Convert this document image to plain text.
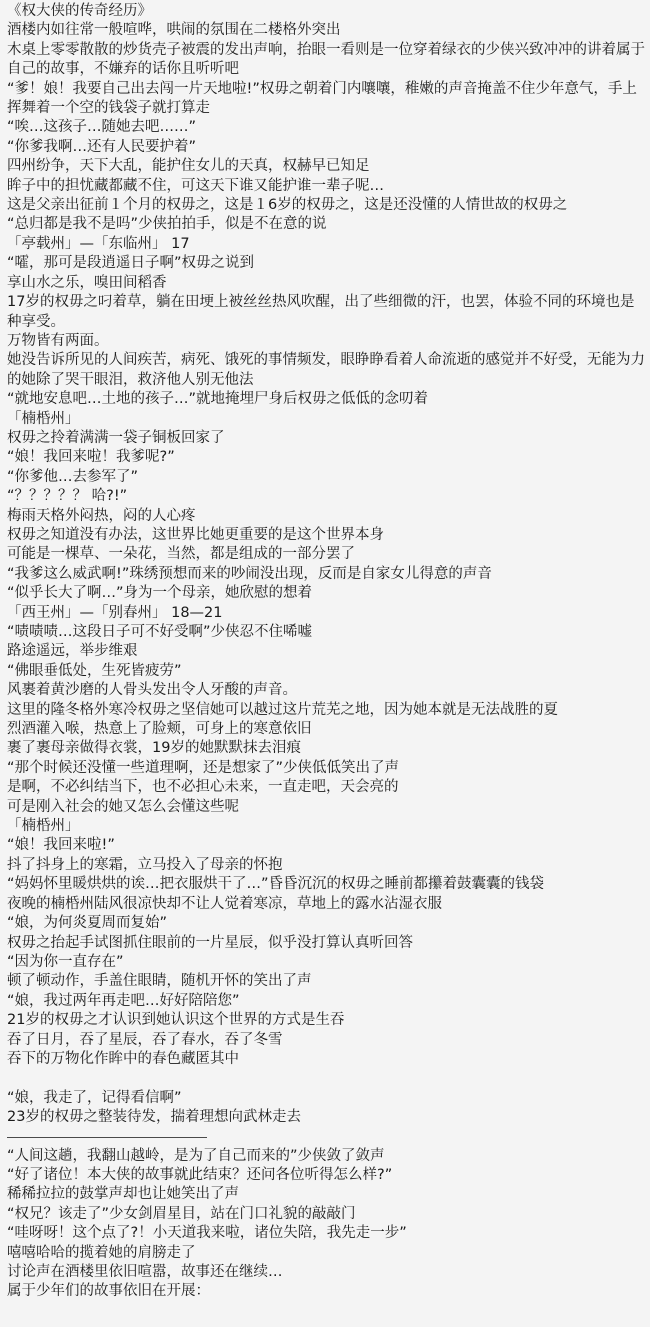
《权大侠的传奇经历》
酒楼内如往常一般喧哗，哄闹的氛围在二楼格外突出
木桌上零零散散的炒货壳子被震的发出声响，抬眼一看则是一位穿着绿衣的少侠兴致冲冲的讲着属于自己的故事，不嫌弃的话你且听听吧
“爹！娘！我要自己出去闯一片天地啦!”权毋之朝着门内嚷嚷，稚嫩的声音掩盖不住少年意气，手上挥舞着一个空的钱袋子就打算走
“唉…这孩子…随她去吧……”
“你爹我啊…还有人民要护着”
四州纷争，天下大乱，能护住女儿的天真，权赫早已知足
眸子中的担忧藏都藏不住，可这天下谁又能护谁一辈子呢…
这是父亲出征前１个月的权毋之，这是１6岁的权毋之，这是还没懂的人情世故的权毋之
“总归都是我不是吗”少侠拍拍手，似是不在意的说
「亭载州」—「东临州」 17
“嚯，那可是段逍遥日子啊”权毋之说到
享山水之乐，嗅田间稻香
17岁的权毋之叼着草，躺在田埂上被丝丝热风吹醒，出了些细微的汗，也罢，体验不同的环境也是种享受。
万物皆有两面。
她没告诉所见的人间疾苦，病死、饿死的事情频发，眼睁睁看着人命流逝的感觉并不好受，无能为力的她除了哭干眼泪，救济他人别无他法
“就地安息吧…土地的孩子…”就地掩埋尸身后权毋之低低的念叨着
「楠桰州」
权毋之拎着满满一袋子铜板回家了
“娘！我回来啦！我爹呢?”
“你爹他…去参军了”
“？？？？？ 哈?!”
梅雨天格外闷热，闷的人心疼
权毋之知道没有办法，这世界比她更重要的是这个世界本身
可能是一棵草、一朵花，当然，都是组成的一部分罢了
“我爹这么威武啊!”珠绣预想而来的吵闹没出现，反而是自家女儿得意的声音
“似乎长大了啊…”身为一个母亲，她欣慰的想着
「西王州」—「别春州」 18—21
“啧啧啧…这段日子可不好受啊”少侠忍不住唏嘘
路途遥远，举步维艰
“佛眼垂低处，生死皆疲劳”
风裹着黄沙磨的人骨头发出令人牙酸的声音。
这里的隆冬格外寒冷权毋之坚信她可以越过这片荒芜之地，因为她本就是无法战胜的夏
烈酒灌入喉，热意上了脸颊，可身上的寒意依旧
裹了裹母亲做得衣裳，19岁的她默默抹去泪痕
“那个时候还没懂一些道理啊，还是想家了”少侠低低笑出了声
是啊，不必纠结当下，也不必担心未来，一直走吧，天会亮的
可是刚入社会的她又怎么会懂这些呢
「楠桰州」
“娘！我回来啦!”
抖了抖身上的寒霜，立马投入了母亲的怀抱
“妈妈怀里暖烘烘的诶…把衣服烘干了…”昏昏沉沉的权毋之睡前都攥着鼓囊囊的钱袋
夜晚的楠桰州陆风很凉快却不让人觉着寒凉，草地上的露水沾湿衣服
“娘，为何炎夏周而复始”
权毋之抬起手试图抓住眼前的一片星辰，似乎没打算认真听回答
“因为你一直存在”
顿了顿动作，手盖住眼睛，随机开怀的笑出了声
“娘，我过两年再走吧…好好陪陪您”
21岁的权毋之才认识到她认识这个世界的方式是生吞
吞了日月，吞了星辰，吞了春水，吞了冬雪
吞下的万物化作眸中的春色藏匿其中
“娘，我走了，记得看信啊”
23岁的权毋之整装待发，揣着理想向武林走去
“人间这趟，我翻山越岭，是为了自己而来的”少侠敛了敛声
“好了诸位！本大侠的故事就此结束？还问各位听得怎么样?”
稀稀拉拉的鼓掌声却也让她笑出了声
“权兄？该走了”少女剑眉星目，站在门口礼貌的敲敲门
“哇呀呀！这个点了?！小天道我来啦，诸位失陪，我先走一步”
嘻嘻哈哈的揽着她的肩膀走了
讨论声在酒楼里依旧喧嚣，故事还在继续…
属于少年们的故事依旧在开展：
